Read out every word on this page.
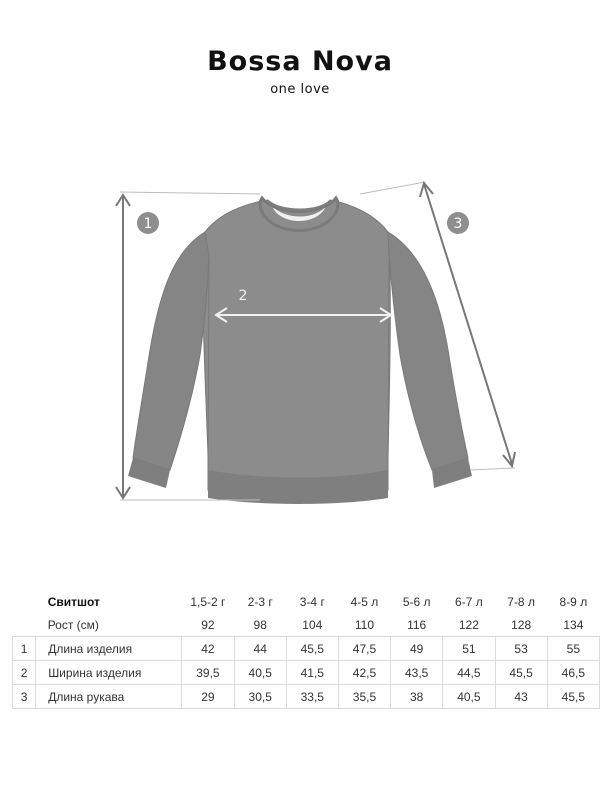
Bossa Nova
one love
1
2
3
	Свитшот	1,5-2 г	2-3 г	3-4 г	4-5 л	5-6 л	6-7 л	7-8 л	8-9 л
	Рост (см)	92	98	104	110	116	122	128	134
1	Длина изделия	42	44	45,5	47,5	49	51	53	55
2	Ширина изделия	39,5	40,5	41,5	42,5	43,5	44,5	45,5	46,5
3	Длина рукава	29	30,5	33,5	35,5	38	40,5	43	45,5
